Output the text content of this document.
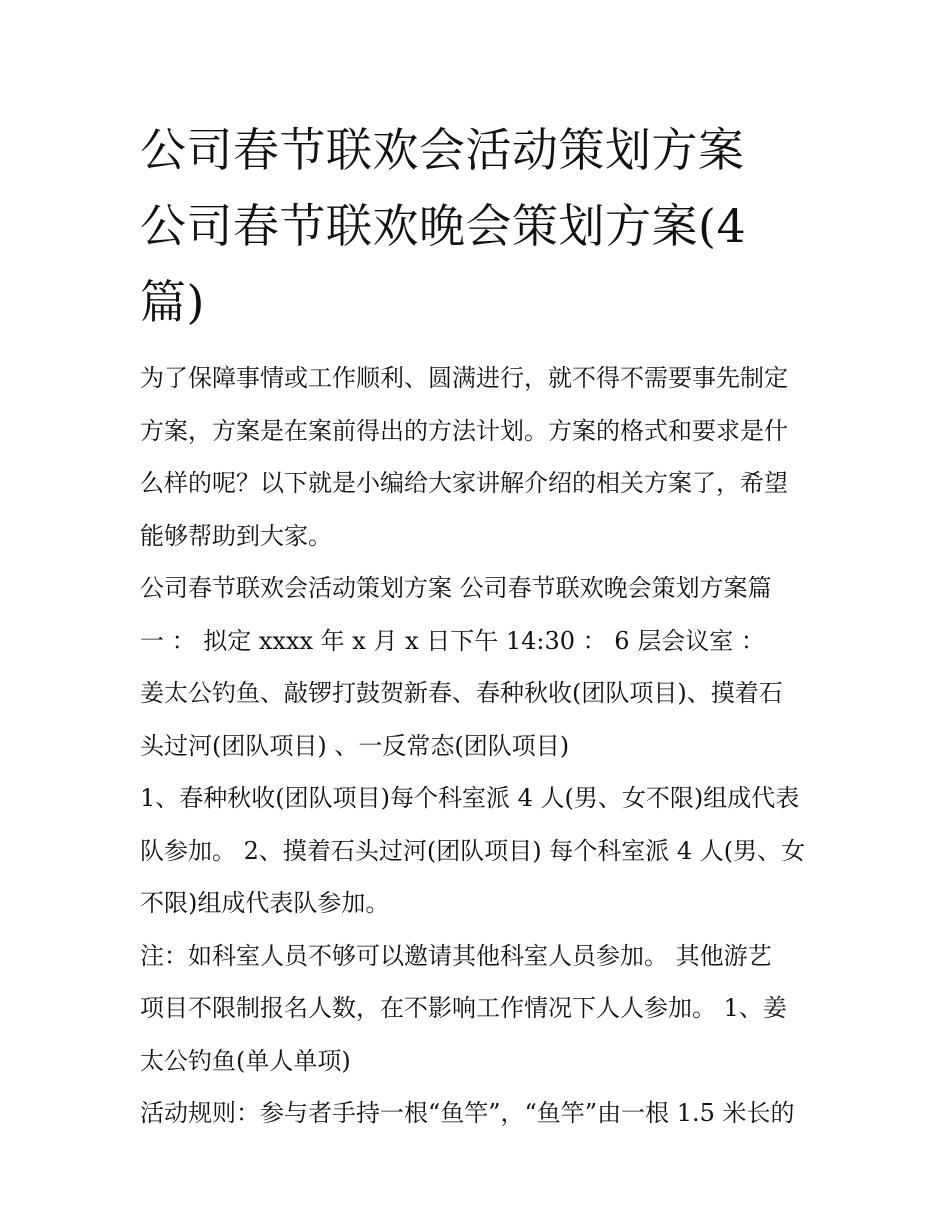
公司春节联欢会活动策划方案
公司春节联欢晚会策划方案(4
篇)
为了保障事情或工作顺利、圆满进行，就不得不需要事先制定
方案，方案是在案前得出的方法计划。方案的格式和要求是什
么样的呢？以下就是小编给大家讲解介绍的相关方案了，希望
能够帮助到大家。
公司春节联欢会活动策划方案 公司春节联欢晚会策划方案篇
一 ： 拟定 xxxx 年 x 月 x 日下午 14:30 ： 6 层会议室 ：
姜太公钓鱼、敲锣打鼓贺新春、春种秋收(团队项目)、摸着石
头过河(团队项目) 、一反常态(团队项目)
1、春种秋收(团队项目)每个科室派 4 人(男、女不限)组成代表
队参加。 2、摸着石头过河(团队项目) 每个科室派 4 人(男、女
不限)组成代表队参加。
注：如科室人员不够可以邀请其他科室人员参加。 其他游艺
项目不限制报名人数，在不影响工作情况下人人参加。 1、姜
太公钓鱼(单人单项)
活动规则：参与者手持一根“鱼竿”，“鱼竿”由一根 1.5 米长的
